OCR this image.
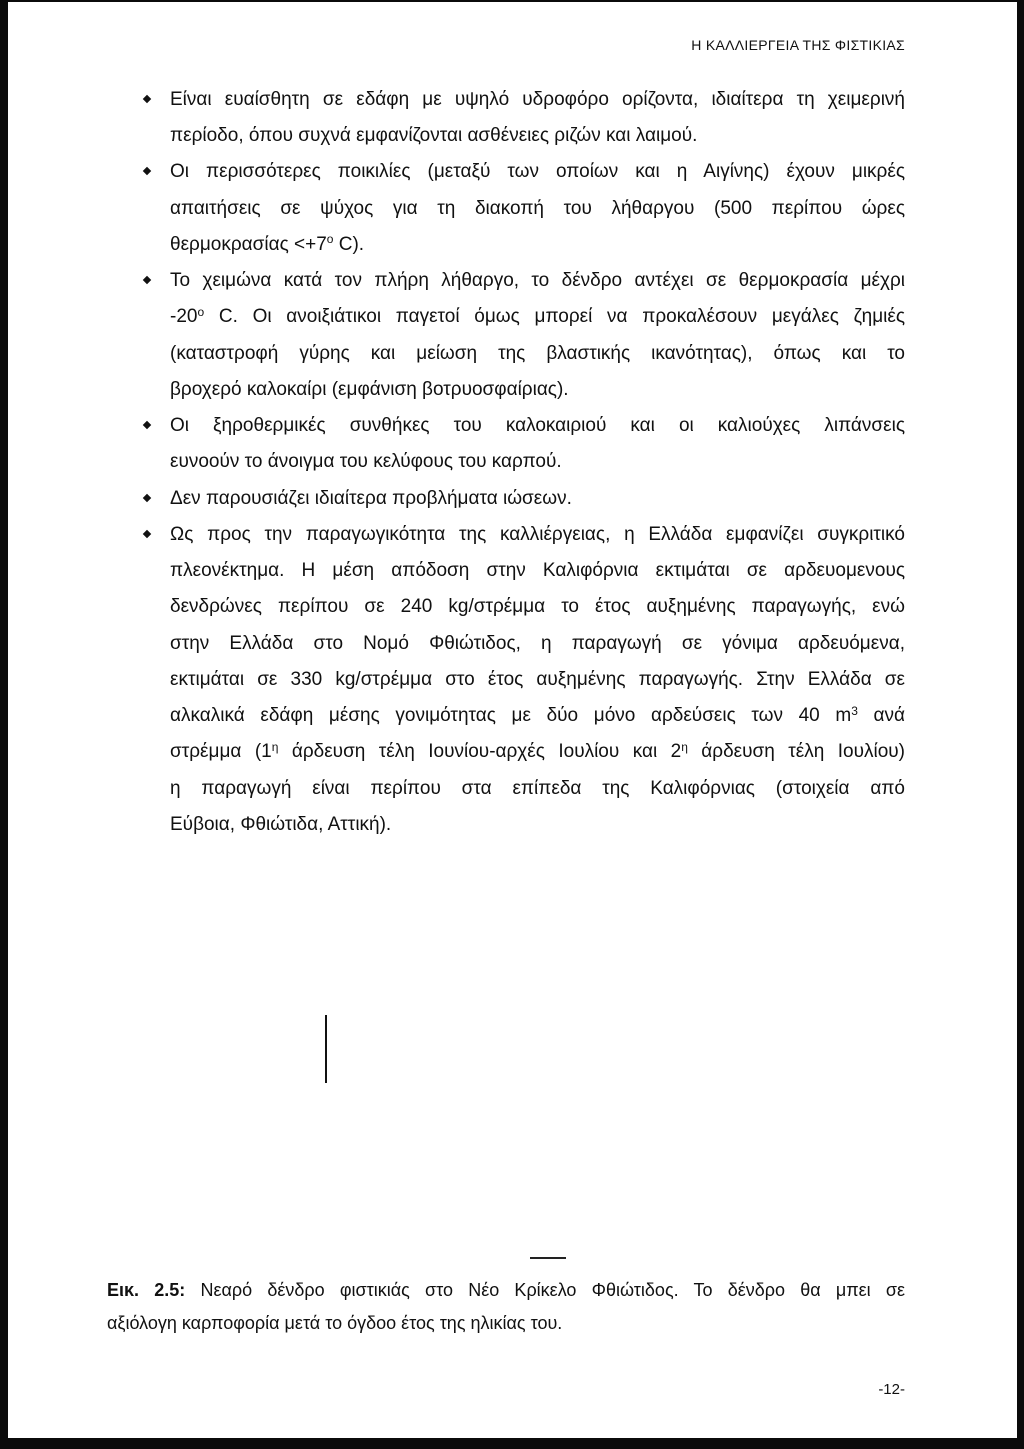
Η ΚΑΛΛΙΕΡΓΕΙΑ ΤΗΣ ΦΙΣΤΙΚΙΑΣ
Είναι ευαίσθητη σε εδάφη με υψηλό υδροφόρο ορίζοντα, ιδιαίτερα τη χειμερινή
περίοδο, όπου συχνά εμφανίζονται ασθένειες ριζών και λαιμού.
Οι περισσότερες ποικιλίες (μεταξύ των οποίων και η Αιγίνης) έχουν μικρές
απαιτήσεις σε ψύχος για τη διακοπή του λήθαργου (500 περίπου ώρες
$\theta\varepsilon\rho\mu o\kappa\rho\alpha\sigma ί\alpha\varsigma <+7^o$ C).
Το χειμώνα κατά τον πλήρη λήθαργο, το δένδρο αντέχει σε θερμοκρασία μέχρι
-20$^o$ C. Οι ανοιξιάτικοι παγετοί όμως μπορεί να προκαλέσουν μεγάλες ζημιές
(καταστροφή γύρης και μείωση της βλαστικής ικανότητας), όπως και το
βροχερό καλοκαίρι (εμφάνιση βοτρυοσφαίριας).
Οι ξηροθερμικές συνθήκες του καλοκαιριού και οι καλιούχες λιπάνσεις
ευνοούν το άνοιγμα του κελύφους του καρπού.
Δεν παρουσιάζει ιδιαίτερα προβλήματα ιώσεων.
Ως προς την παραγωγικότητα της καλλιέργειας, η Ελλάδα εμφανίζει συγκριτικό
πλεονέκτημα. Η μέση απόδοση στην Καλιφόρνια εκτιμάται σε αρδευομενους
δενδρώνες περίπου σε 240 kg/στρέμμα το έτος αυξημένης παραγωγής, ενώ
στην Ελλάδα στο Νομό Φθιώτιδος, η παραγωγή σε γόνιμα αρδευόμενα,
εκτιμάται σε 330 kg/στρέμμα στο έτος αυξημένης παραγωγής. Στην Ελλάδα σε
αλκαλικά εδάφη μέσης γονιμότητας με δύο μόνο αρδεύσεις των 40 $m^3$ ανά
στρέμμα ($1^\eta$ άρδευση τέλη Ιουνίου-αρχές Ιουλίου και $2^\eta$ άρδευση τέλη Ιουλίου)
η παραγωγή είναι περίπου στα επίπεδα της Καλιφόρνιας (στοιχεία από
Εύβοια, Φθιώτιδα, Αττική).
Εικ. 2.5: Νεαρό δένδρο φιστικιάς στο Νέο Κρίκελο Φθιώτιδος. Το δένδρο θα μπει σε
αξιόλογη καρποφορία μετά το όγδοο έτος της ηλικίας του.
-12-
